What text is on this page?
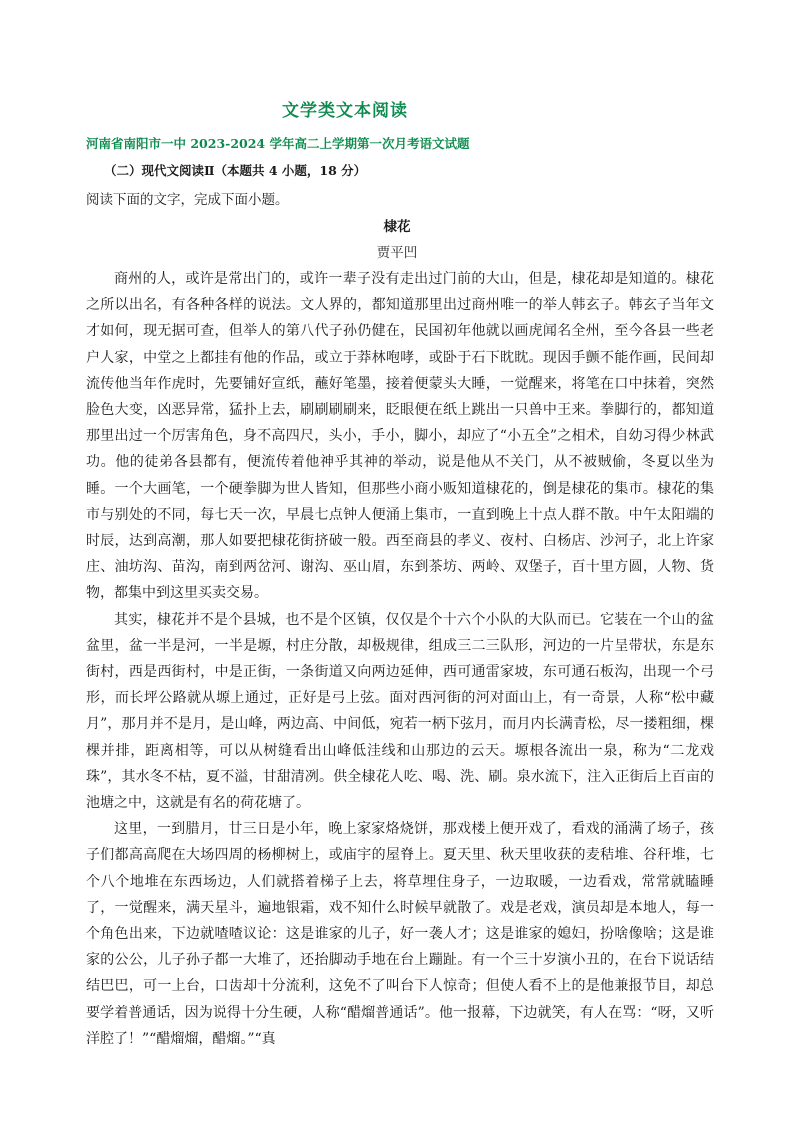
文学类文本阅读
河南省南阳市一中 2023-2024 学年高二上学期第一次月考语文试题
（二）现代文阅读Ⅱ（本题共 4 小题，18 分）
阅读下面的文字，完成下面小题。
棣花
贾平凹

商州的人，或许是常出门的，或许一辈子没有走出过门前的大山，但是，棣花却是知道的。棣花之所以出名，有各种各样的说法。文人界的，都知道那里出过商州唯一的举人韩玄子。韩玄子当年文才如何，现无据可查，但举人的第八代子孙仍健在，民国初年他就以画虎闻名全州，至今各县一些老户人家，中堂之上都挂有他的作品，或立于莽林咆哮，或卧于石下眈眈。现因手颤不能作画，民间却流传他当年作虎时，先要铺好宣纸，蘸好笔墨，接着便蒙头大睡，一觉醒来，将笔在口中抹着，突然脸色大变，凶恶异常，猛扑上去，刷刷刷刷来，眨眼便在纸上跳出一只兽中王来。拳脚行的，都知道那里出过一个厉害角色，身不高四尺，头小，手小，脚小，却应了“小五全”之相术，自幼习得少林武功。他的徒弟各县都有，便流传着他神乎其神的举动，说是他从不关门，从不被贼偷，冬夏以坐为睡。一个大画笔，一个硬拳脚为世人皆知，但那些小商小贩知道棣花的，倒是棣花的集市。棣花的集市与别处的不同，每七天一次，早晨七点钟人便涌上集市，一直到晚上十点人群不散。中午太阳端的时辰，达到高潮，那人如要把棣花街挤破一般。西至商县的孝义、夜村、白杨店、沙河子，北上许家庄、油坊沟、苗沟，南到两岔河、谢沟、巫山眉，东到茶坊、两岭、双堡子，百十里方圆，人物、货物，都集中到这里买卖交易。

其实，棣花并不是个县城，也不是个区镇，仅仅是个十六个小队的大队而已。它装在一个山的盆盆里，盆一半是河，一半是塬，村庄分散，却极规律，组成三二三队形，河边的一片呈带状，东是东街村，西是西街村，中是正街，一条街道又向两边延伸，西可通雷家坡，东可通石板沟，出现一个弓形，而长坪公路就从塬上通过，正好是弓上弦。面对西河街的河对面山上，有一奇景，人称“松中藏月”，那月并不是月，是山峰，两边高、中间低，宛若一柄下弦月，而月内长满青松，尽一搂粗细，棵棵并排，距离相等，可以从树缝看出山峰低洼线和山那边的云天。塬根各流出一泉，称为“二龙戏珠”，其水冬不枯，夏不溢，甘甜清冽。供全棣花人吃、喝、洗、刷。泉水流下，注入正街后上百亩的池塘之中，这就是有名的荷花塘了。

这里，一到腊月，廿三日是小年，晚上家家烙烧饼，那戏楼上便开戏了，看戏的涌满了场子，孩子们都高高爬在大场四周的杨柳树上，或庙宇的屋脊上。夏天里、秋天里收获的麦秸堆、谷秆堆，七个八个地堆在东西场边，人们就搭着梯子上去，将草埋住身子，一边取暖，一边看戏，常常就瞌睡了，一觉醒来，满天星斗，遍地银霜，戏不知什么时候早就散了。戏是老戏，演员却是本地人，每一个角色出来，下边就喳喳议论：这是谁家的儿子，好一袭人才；这是谁家的媳妇，扮啥像啥；这是谁家的公公，儿子孙子都一大堆了，还抬脚动手地在台上蹦趾。有一个三十岁演小丑的，在台下说话结结巴巴，可一上台，口齿却十分流利，这免不了叫台下人惊奇；但使人看不上的是他兼报节目，却总要学着普通话，因为说得十分生硬，人称“醋熘普通话”。他一报幕，下边就笑，有人在骂：“呀，又听洋腔了！”“醋熘熘，醋熘。”“真
